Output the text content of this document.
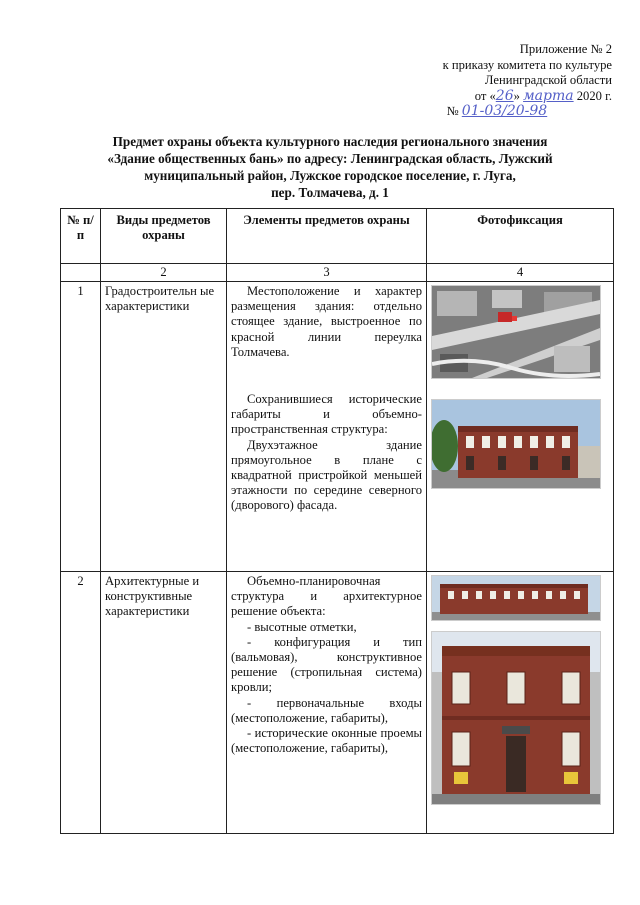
Приложение № 2
к приказу комитета по культуре
Ленинградской области
от «26» марта 2020 г.
№ 01-03/20-98
Предмет охраны объекта культурного наследия регионального значения
«Здание общественных бань» по адресу: Ленинградская область, Лужский
муниципальный район, Лужское городское поселение, г. Луга,
пер. Толмачева, д. 1
№ п/п	Виды предметов охраны	Элементы предметов охраны	Фотофиксация
	2	3	4
1	Градостроительн ые характеристики	Местоположение и характер размещения здания: отдельно стоящее здание, выстроенное по красной линии переулка Толмачева.
Сохранившиеся исторические габариты и объемно-пространственная структура:
Двухэтажное здание прямоугольное в плане с квадратной пристройкой меньшей этажности по середине северного (дворового) фасада.

2	Архитектурные и конструктивные характеристики	Объемно-планировочная структура и архитектурное решение объекта:
- высотные отметки,
- конфигурация и тип (вальмовая), конструктивное решение (стропильная система) кровли;
- первоначальные входы (местоположение, габариты),
- исторические оконные проемы (местоположение, габариты),
